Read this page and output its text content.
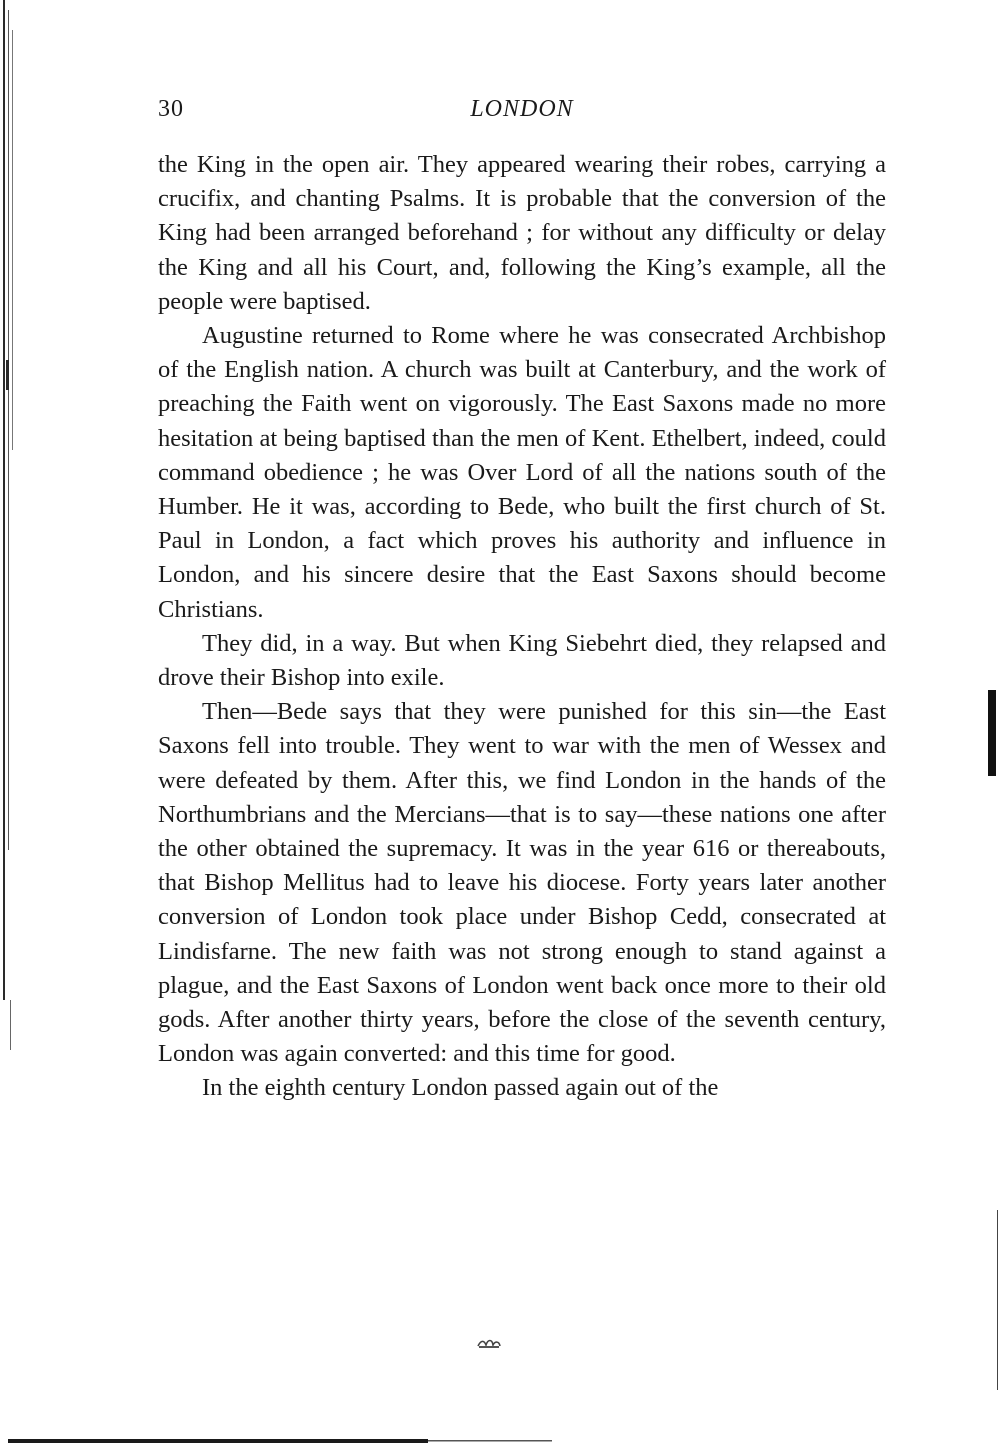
30	LONDON

the King in the open air. They appeared wearing their robes, carrying a crucifix, and chanting Psalms. It is probable that the conversion of the King had been arranged beforehand ; for without any difficulty or delay the King and all his Court, and, following the King’s example, all the people were baptised.

Augustine returned to Rome where he was consecrated Archbishop of the English nation. A church was built at Canterbury, and the work of preaching the Faith went on vigorously. The East Saxons made no more hesitation at being baptised than the men of Kent. Ethelbert, indeed, could command obedience ; he was Over Lord of all the nations south of the Humber. He it was, according to Bede, who built the first church of St. Paul in London, a fact which proves his authority and influence in London, and his sincere desire that the East Saxons should become Christians.

They did, in a way. But when King Siebehrt died, they relapsed and drove their Bishop into exile.

Then—Bede says that they were punished for this sin—the East Saxons fell into trouble. They went to war with the men of Wessex and were defeated by them. After this, we find London in the hands of the Northumbrians and the Mercians—that is to say—these nations one after the other obtained the supremacy. It was in the year 616 or thereabouts, that Bishop Mellitus had to leave his diocese. Forty years later another conversion of London took place under Bishop Cedd, consecrated at Lindisfarne. The new faith was not strong enough to stand against a plague, and the East Saxons of London went back once more to their old gods. After another thirty years, before the close of the seventh century, London was again converted: and this time for good.

In the eighth century London passed again out of the
